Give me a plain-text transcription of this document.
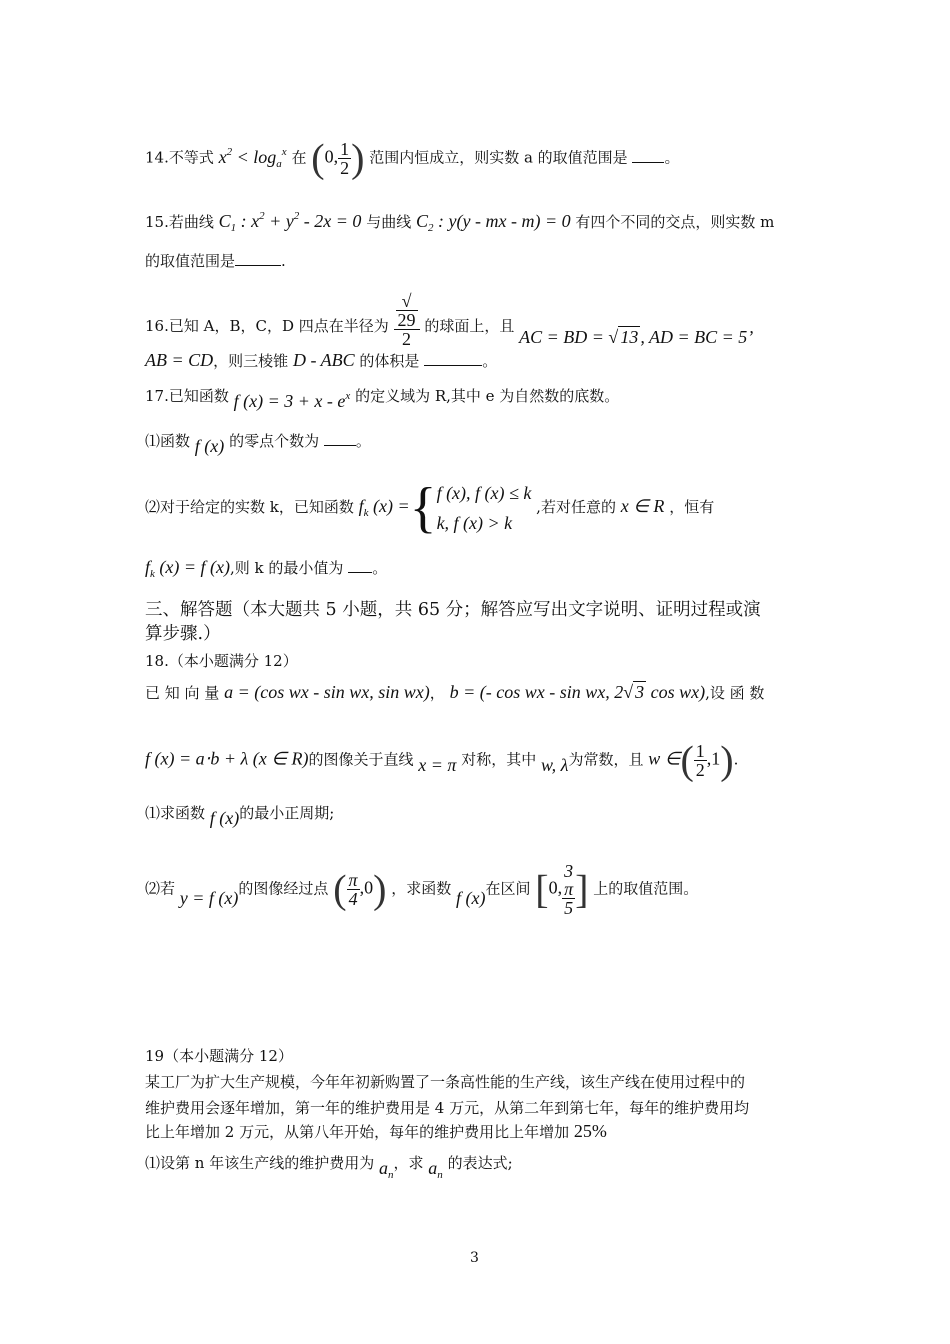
14.不等式 $x^2 < \log_a^x$ 在 (0, $\frac{1}{2}$ ) 范围内恒成立，则实数 a 的取值范围是 。
15.若曲线 $C_1$ : $x^2 + y^2 - 2x = 0$ 与曲线 $C_2$ : y(y - mx - m) = 0 有四个不同的交点，则实数 m
的取值范围是	.
16.已知 A，B，C，D 四点在半径为 √
29
2 的球面上，且 AC = BD = √ 13 , AD = BC = 5’
AB = CD，则三棱锥 D - ABC 的体积是	。
17.已知函数 f $(x) = 3 + x - e^x$ 的定义域为 R,其中 e 为自然数的底数。
⑴函数 f (x) 的零点个数为 。
⑵对于给定的实数 k，已知函数 $f_k$ (x) ={ f (x), f (x) ≤ k
k, f (x) > k
,若对任意的 x ∈ R ，恒有
$f_k$ (x) = f (x),则 k 的最小值为 。
三、解答题（本大题共 5 小题，共 65 分；解答应写出文字说明、证明过程或演
算步骤.）
18.（本小题满分 12）
已 知 向 量 a = (cos wx - sin wx, sin wx)， b = (- cos wx - sin wx, 2√ 3 cos wx),设 函 数
f (x) = a⋅b + λ (x ∈ R)的图像关于直线 x = π 对称，其中 w, λ为常数，且 w ∈( $\frac{1}{2} ,1$).
⑴求函数 f (x)的最小正周期;
⑵若 y = f (x)的图像经过点 ( $\frac{\pi}{4} ,0$) ，求函数 f (x)在区间 [0, 3
π
5 ] 上的取值范围。
19（本小题满分 12）
某工厂为扩大生产规模，今年年初新购置了一条高性能的生产线，该生产线在使用过程中的
维护费用会逐年增加，第一年的维护费用是 4 万元，从第二年到第七年，每年的维护费用均
比上年增加 2 万元，从第八年开始，每年的维护费用比上年增加 25%
⑴设第 n 年该生产线的维护费用为 $a_n$，求 $a_n$ 的表达式;
3
